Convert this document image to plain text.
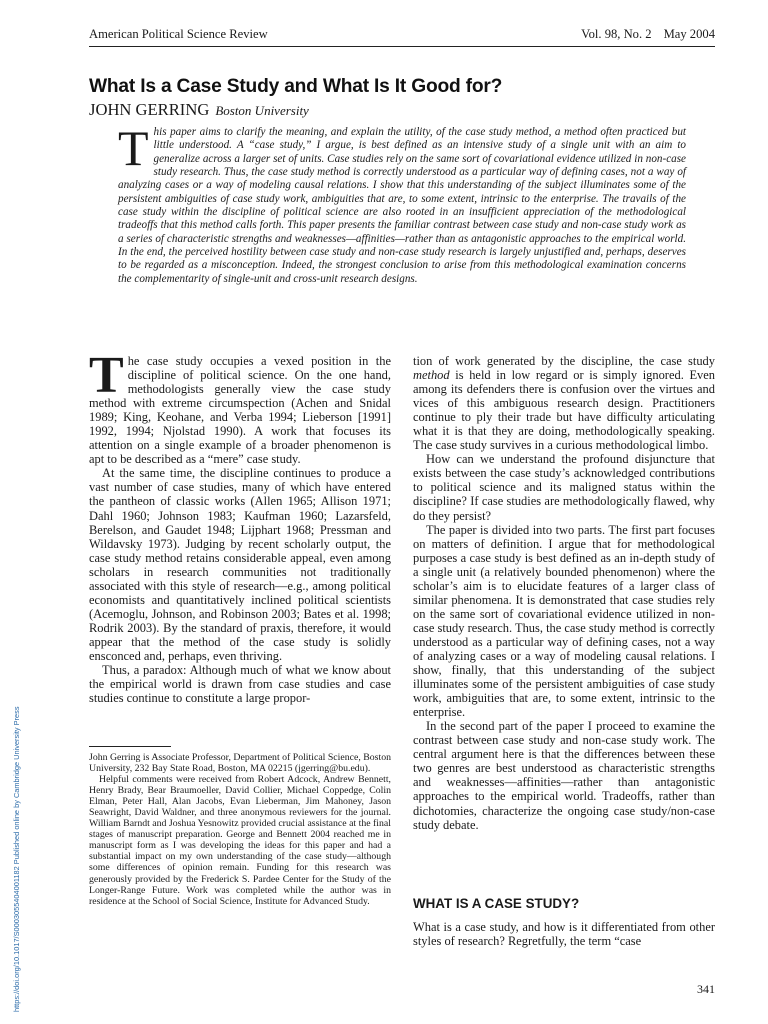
American Political Science Review	Vol. 98, No. 2 May 2004
What Is a Case Study and What Is It Good for?
JOHN GERRING Boston University

This paper aims to clarify the meaning, and explain the utility, of the case study method, a method often practiced but little understood. A “case study,” I argue, is best defined as an intensive study of a single unit with an aim to generalize across a larger set of units. Case studies rely on the same sort of covariational evidence utilized in non-case study research. Thus, the case study method is correctly understood as a particular way of defining cases, not a way of analyzing cases or a way of modeling causal relations. I show that this understanding of the subject illuminates some of the persistent ambiguities of case study work, ambiguities that are, to some extent, intrinsic to the enterprise. The travails of the case study within the discipline of political science are also rooted in an insufficient appreciation of the methodological tradeoffs that this method calls forth. This paper presents the familiar contrast between case study and non-case study work as a series of characteristic strengths and weaknesses—affinities—rather than as antagonistic approaches to the empirical world. In the end, the perceived hostility between case study and non-case study research is largely unjustified and, perhaps, deserves to be regarded as a misconception. Indeed, the strongest conclusion to arise from this methodological examination concerns the complementarity of single-unit and cross-unit research designs.

The case study occupies a vexed position in the discipline of political science. On the one hand, methodologists generally view the case study method with extreme circumspection (Achen and Snidal 1989; King, Keohane, and Verba 1994; Lieberson [1991] 1992, 1994; Njolstad 1990). A work that focuses its attention on a single example of a broader phenomenon is apt to be described as a “mere” case study.

At the same time, the discipline continues to produce a vast number of case studies, many of which have entered the pantheon of classic works (Allen 1965; Allison 1971; Dahl 1960; Johnson 1983; Kaufman 1960; Lazarsfeld, Berelson, and Gaudet 1948; Lijphart 1968; Pressman and Wildavsky 1973). Judging by recent scholarly output, the case study method retains considerable appeal, even among scholars in research communities not traditionally associated with this style of research—e.g., among political economists and quantitatively inclined political scientists (Acemoglu, Johnson, and Robinson 2003; Bates et al. 1998; Rodrik 2003). By the standard of praxis, therefore, it would appear that the method of the case study is solidly ensconced and, perhaps, even thriving.

Thus, a paradox: Although much of what we know about the empirical world is drawn from case studies and case studies continue to constitute a large propor-

John Gerring is Associate Professor, Department of Political Science, Boston University, 232 Bay State Road, Boston, MA 02215 (jgerring@bu.edu).

Helpful comments were received from Robert Adcock, Andrew Bennett, Henry Brady, Bear Braumoeller, David Collier, Michael Coppedge, Colin Elman, Peter Hall, Alan Jacobs, Evan Lieberman, Jim Mahoney, Jason Seawright, David Waldner, and three anonymous reviewers for the journal. William Barndt and Joshua Yesnowitz provided crucial assistance at the final stages of manuscript preparation. George and Bennett 2004 reached me in manuscript form as I was developing the ideas for this paper and had a substantial impact on my own understanding of the case study—although some differences of opinion remain. Funding for this research was generously provided by the Frederick S. Pardee Center for the Study of the Longer-Range Future. Work was completed while the author was in residence at the School of Social Science, Institute for Advanced Study.

tion of work generated by the discipline, the case study method is held in low regard or is simply ignored. Even among its defenders there is confusion over the virtues and vices of this ambiguous research design. Practitioners continue to ply their trade but have difficulty articulating what it is that they are doing, methodologically speaking. The case study survives in a curious methodological limbo.

How can we understand the profound disjuncture that exists between the case study’s acknowledged contributions to political science and its maligned status within the discipline? If case studies are methodologically flawed, why do they persist?

The paper is divided into two parts. The first part focuses on matters of definition. I argue that for methodological purposes a case study is best defined as an in-depth study of a single unit (a relatively bounded phenomenon) where the scholar’s aim is to elucidate features of a larger class of similar phenomena. It is demonstrated that case studies rely on the same sort of covariational evidence utilized in non-case study research. Thus, the case study method is correctly understood as a particular way of defining cases, not a way of analyzing cases or a way of modeling causal relations. I show, finally, that this understanding of the subject illuminates some of the persistent ambiguities of case study work, ambiguities that are, to some extent, intrinsic to the enterprise.

In the second part of the paper I proceed to examine the contrast between case study and non-case study work. The central argument here is that the differences between these two genres are best understood as characteristic strengths and weaknesses—affinities—rather than antagonistic approaches to the empirical world. Tradeoffs, rather than dichotomies, characterize the ongoing case study/non-case study debate.

WHAT IS A CASE STUDY?
What is a case study, and how is it differentiated from other styles of research? Regretfully, the term “case
341
https://doi.org/10.1017/S0003055404001182 Published online by Cambridge University Press
